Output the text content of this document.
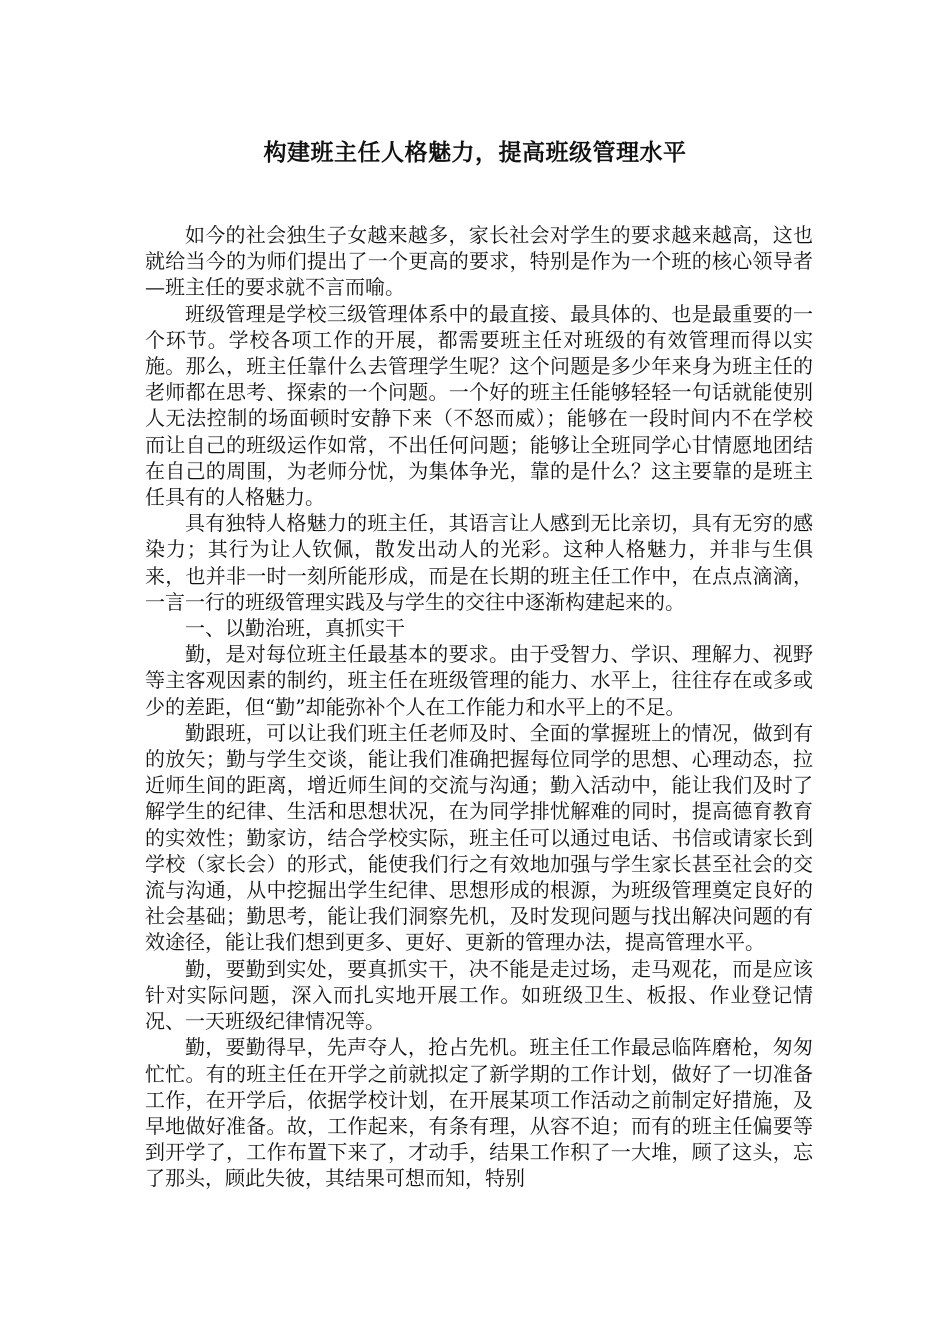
构建班主任人格魅力，提高班级管理水平

如今的社会独生子女越来越多，家长社会对学生的要求越来越高，这也就给当今的为师们提出了一个更高的要求，特别是作为一个班的核心领导者—班主任的要求就不言而喻。

班级管理是学校三级管理体系中的最直接、最具体的、也是最重要的一个环节。学校各项工作的开展，都需要班主任对班级的有效管理而得以实施。那么，班主任靠什么去管理学生呢？这个问题是多少年来身为班主任的老师都在思考、探索的一个问题。一个好的班主任能够轻轻一句话就能使别人无法控制的场面顿时安静下来（不怒而威）；能够在一段时间内不在学校而让自己的班级运作如常，不出任何问题；能够让全班同学心甘情愿地团结在自己的周围，为老师分忧，为集体争光，靠的是什么？这主要靠的是班主任具有的人格魅力。

具有独特人格魅力的班主任，其语言让人感到无比亲切，具有无穷的感染力；其行为让人钦佩，散发出动人的光彩。这种人格魅力，并非与生俱来，也并非一时一刻所能形成，而是在长期的班主任工作中，在点点滴滴，一言一行的班级管理实践及与学生的交往中逐渐构建起来的。

一、以勤治班，真抓实干

勤，是对每位班主任最基本的要求。由于受智力、学识、理解力、视野等主客观因素的制约，班主任在班级管理的能力、水平上，往往存在或多或少的差距，但“勤”却能弥补个人在工作能力和水平上的不足。

勤跟班，可以让我们班主任老师及时、全面的掌握班上的情况，做到有的放矢；勤与学生交谈，能让我们准确把握每位同学的思想、心理动态，拉近师生间的距离，增近师生间的交流与沟通；勤入活动中，能让我们及时了解学生的纪律、生活和思想状况，在为同学排忧解难的同时，提高德育教育的实效性；勤家访，结合学校实际，班主任可以通过电话、书信或请家长到学校（家长会）的形式，能使我们行之有效地加强与学生家长甚至社会的交流与沟通，从中挖掘出学生纪律、思想形成的根源，为班级管理奠定良好的社会基础；勤思考，能让我们洞察先机，及时发现问题与找出解决问题的有效途径，能让我们想到更多、更好、更新的管理办法，提高管理水平。

勤，要勤到实处，要真抓实干，决不能是走过场，走马观花，而是应该针对实际问题，深入而扎实地开展工作。如班级卫生、板报、作业登记情况、一天班级纪律情况等。

勤，要勤得早，先声夺人，抢占先机。班主任工作最忌临阵磨枪，匆匆忙忙。有的班主任在开学之前就拟定了新学期的工作计划，做好了一切准备工作，在开学后，依据学校计划，在开展某项工作活动之前制定好措施，及早地做好准备。故，工作起来，有条有理，从容不迫；而有的班主任偏要等到开学了，工作布置下来了，才动手，结果工作积了一大堆，顾了这头，忘了那头，顾此失彼，其结果可想而知，特别
